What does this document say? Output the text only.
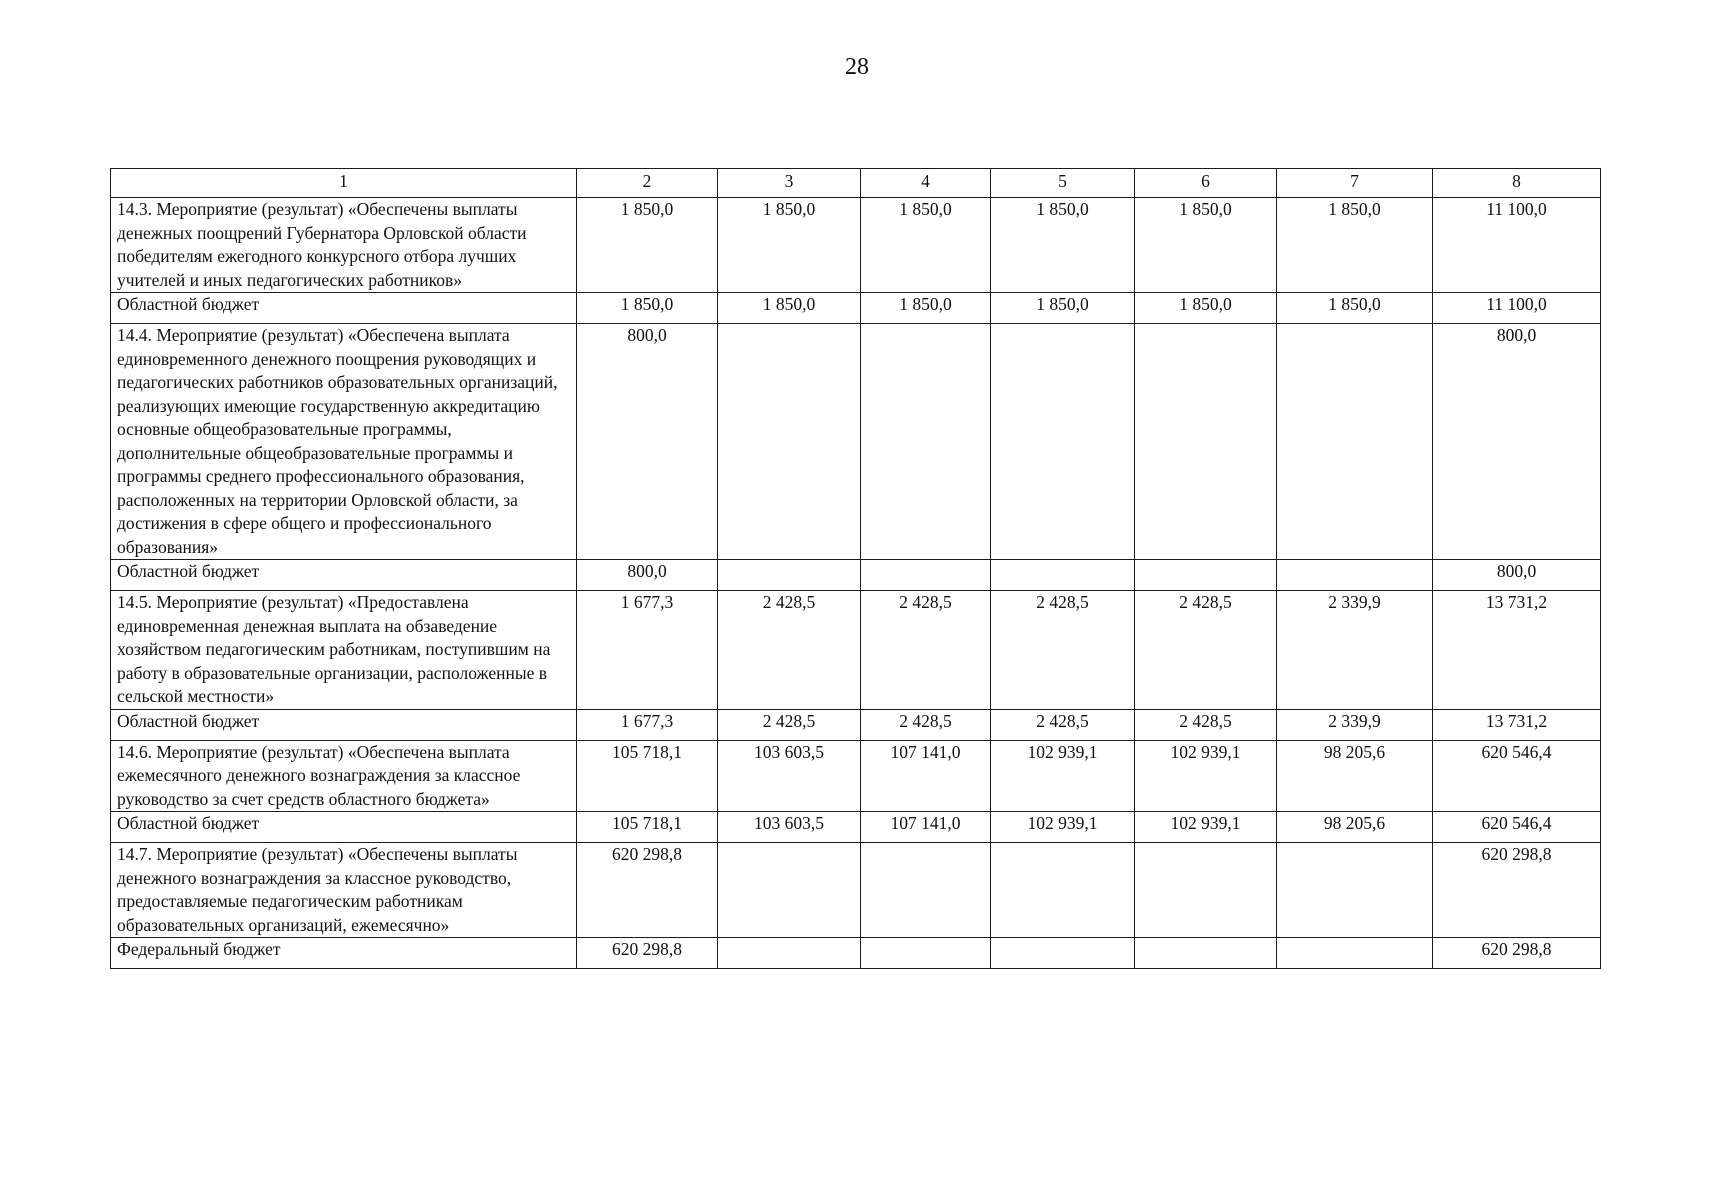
28
1	2	3	4	5	6	7	8
14.3. Мероприятие (результат) «Обеспечены выплаты денежных поощрений Губернатора Орловской области победителям ежегодного конкурсного отбора лучших учителей и иных педагогических работников»	1 850,0	1 850,0	1 850,0	1 850,0	1 850,0	1 850,0	11 100,0
Областной бюджет	1 850,0	1 850,0	1 850,0	1 850,0	1 850,0	1 850,0	11 100,0
14.4. Мероприятие (результат) «Обеспечена выплата единовременного денежного поощрения руководящих и педагогических работников образовательных организаций, реализующих имеющие государственную аккредитацию основные общеобразовательные программы, дополнительные общеобразовательные программы и программы среднего профессионального образования, расположенных на территории Орловской области, за достижения в сфере общего и профессионального образования»	800,0						800,0
Областной бюджет	800,0						800,0
14.5. Мероприятие (результат) «Предоставлена единовременная денежная выплата на обзаведение хозяйством педагогическим работникам, поступившим на работу в образовательные организации, расположенные в сельской местности»	1 677,3	2 428,5	2 428,5	2 428,5	2 428,5	2 339,9	13 731,2
Областной бюджет	1 677,3	2 428,5	2 428,5	2 428,5	2 428,5	2 339,9	13 731,2
14.6. Мероприятие (результат) «Обеспечена выплата ежемесячного денежного вознаграждения за классное руководство за счет средств областного бюджета»	105 718,1	103 603,5	107 141,0	102 939,1	102 939,1	98 205,6	620 546,4
Областной бюджет	105 718,1	103 603,5	107 141,0	102 939,1	102 939,1	98 205,6	620 546,4
14.7. Мероприятие (результат) «Обеспечены выплаты денежного вознаграждения за классное руководство, предоставляемые педагогическим работникам образовательных организаций, ежемесячно»	620 298,8						620 298,8
Федеральный бюджет	620 298,8						620 298,8
